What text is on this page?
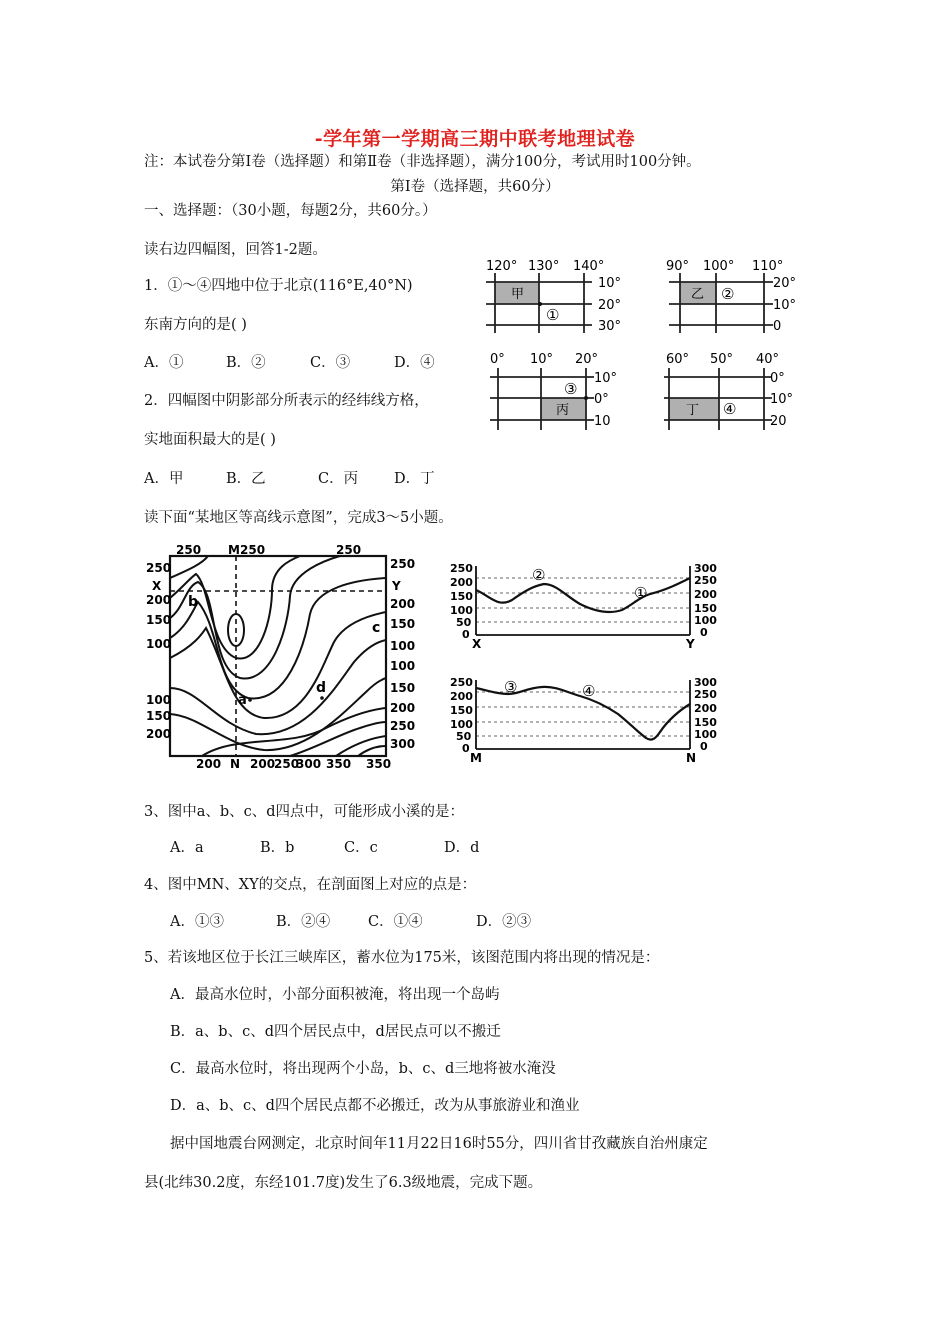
-学年第一学期高三期中联考地理试卷
注：本试卷分第Ⅰ卷（选择题）和第Ⅱ卷（非选择题），满分100分，考试用时100分钟。
第Ⅰ卷（选择题，共60分）
一、选择题：（30小题，每题2分，共60分。）
读右边四幅图，回答1-2题。
1．①～④四地中位于北京(116°E,40°N)
东南方向的是( )
A．①	B．②	C．③	D．④
2．四幅图中阴影部分所表示的经纬线方格，
实地面积最大的是( )
A．甲	B．乙	C．丙 D．丁
120° 130° 140°
10°
20°
30°
甲
①
90° 100° 110°
20°
10°
0
乙 ②
0° 10° 20°
10°
0°
10
丙
③
60° 50° 40°
0°
10°
20
丁 ④
读下面“某地区等高线示意图”，完成3～5小题。
250 M 250	250
250
X
200
150
100
100
150
200
250
Y
200
150
100
100
150
200
250
300
200 N 200
250
300 350 350
a
b
c
d
250
200
150
100
50
0
300
250
200
150
100
0
X	Y
②
①
250
200
150
100
50
0
300
250
200
150
100
0
M	N
③	④
3、图中a、b、c、d四点中，可能形成小溪的是：
A．a	B．b	C．c	D．d
4、图中MN、XY的交点，在剖面图上对应的点是：
A．①③	B．②④	C．①④	D．②③
5、若该地区位于长江三峡库区，蓄水位为175米，该图范围内将出现的情况是：
A．最高水位时，小部分面积被淹，将出现一个岛屿
B．a、b、c、d四个居民点中，d居民点可以不搬迁
C．最高水位时，将出现两个小岛，b、c、d三地将被水淹没
D．a、b、c、d四个居民点都不必搬迁，改为从事旅游业和渔业
据中国地震台网测定，北京时间年11月22日16时55分，四川省甘孜藏族自治州康定
县(北纬30.2度，东经101.7度)发生了6.3级地震，完成下题。
